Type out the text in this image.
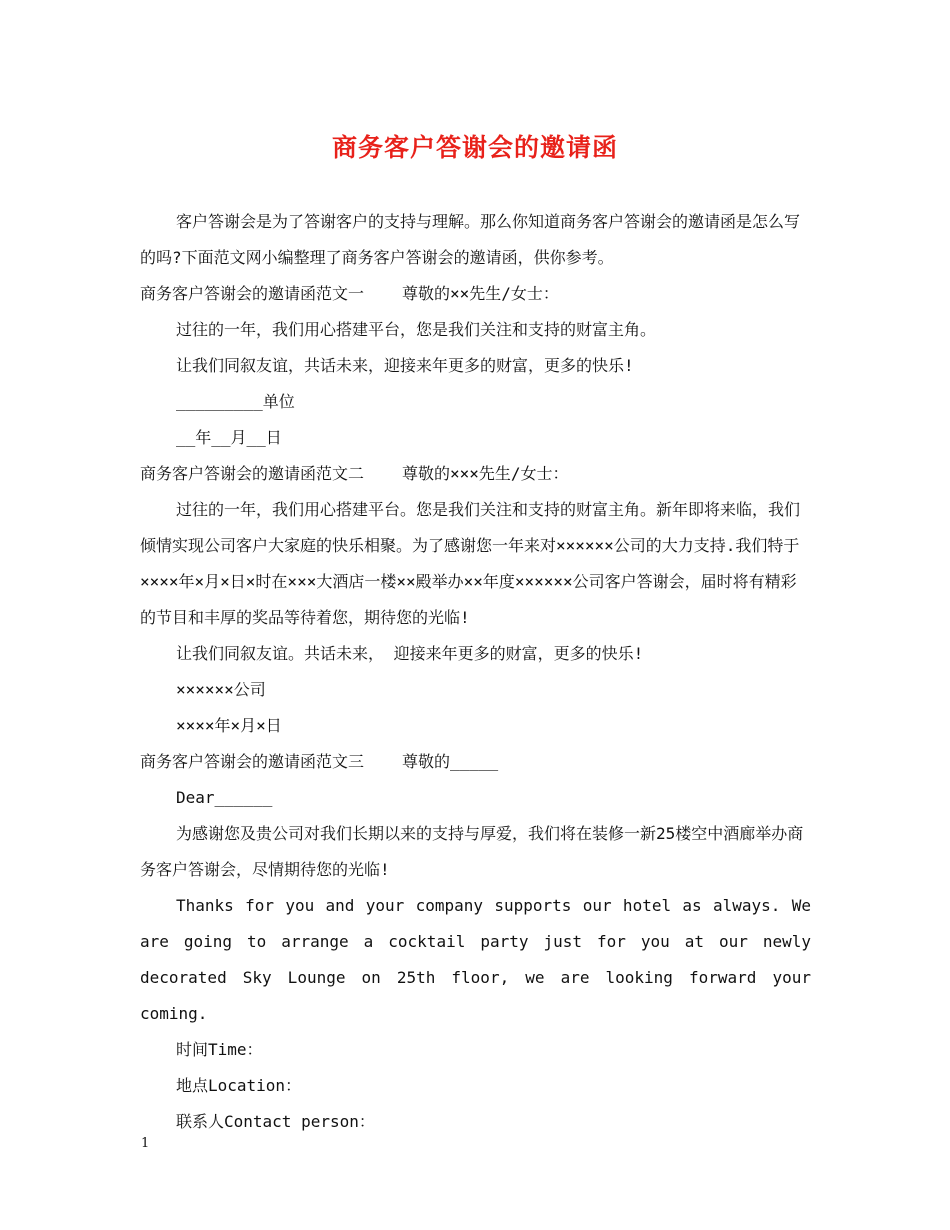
商务客户答谢会的邀请函

客户答谢会是为了答谢客户的支持与理解。那么你知道商务客户答谢会的邀请函是怎么写的吗?下面范文网小编整理了商务客户答谢会的邀请函，供你参考。

商务客户答谢会的邀请函范文一 尊敬的××先生/女士：

过往的一年，我们用心搭建平台，您是我们关注和支持的财富主角。

让我们同叙友谊，共话未来，迎接来年更多的财富，更多的快乐!

_________单位

__年__月__日

商务客户答谢会的邀请函范文二 尊敬的×××先生/女士：

过往的一年，我们用心搭建平台。您是我们关注和支持的财富主角。新年即将来临，我们倾情实现公司客户大家庭的快乐相聚。为了感谢您一年来对××××××公司的大力支持.我们特于××××年×月×日×时在×××大酒店一楼××殿举办××年度××××××公司客户答谢会，届时将有精彩的节目和丰厚的奖品等待着您，期待您的光临!

让我们同叙友谊。共话未来， 迎接来年更多的财富，更多的快乐!

××××××公司

××××年×月×日

商务客户答谢会的邀请函范文三 尊敬的_____

Dear______

为感谢您及贵公司对我们长期以来的支持与厚爱，我们将在装修一新25楼空中酒廊举办商务客户答谢会，尽情期待您的光临!

Thanks for you and your company supports our hotel as always. We are going to arrange a cocktail party just for you at our newly decorated Sky Lounge on 25th floor, we are looking forward your coming.

时间Time：

地点Location：

联系人Contact person：

1
